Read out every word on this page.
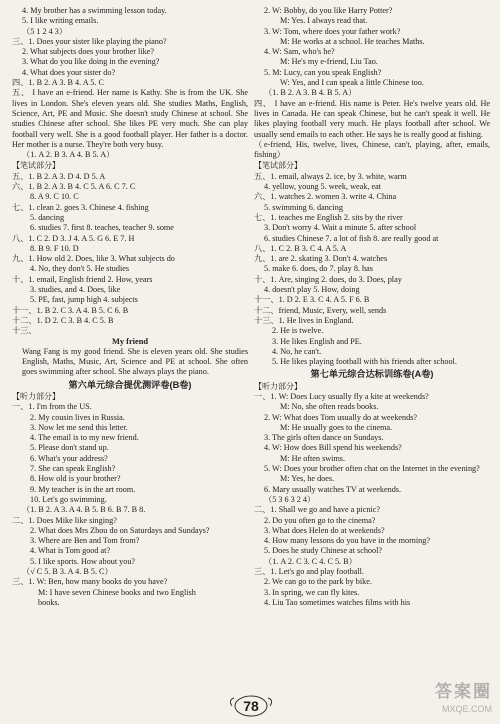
4. My brother has a swimming lesson today.
5. I like writing emails.
（5 1 2 4 3）
三、1. Does your sister like playing the piano?
2. What subjects does your brother like?
3. What do you like doing in the evening?
4. What does your sister do?
四、1. B 2. A 3. B 4. A 5. C
五、 I have an e-friend. Her name is Kathy. She is from the UK. She lives in London. She's eleven years old. She studies Maths, English, Science, Art, PE and Music. She doesn't study Chinese at school. She studies Chinese after school. She likes PE very much. She can play football very well. She is a good football player. Her father is a doctor. Her mother is a nurse. They're both very busy.
（1. A 2. B 3. A 4. B 5. A）
【笔试部分】
五、1. B 2. A 3. D 4. D 5. A
六、1. B 2. A 3. B 4. C 5. A 6. C 7. C
8. A 9. C 10. C
七、1. clean 2. goes 3. Chinese 4. fishing
5. dancing
6. studies 7. first 8. teaches, teacher 9. some
八、1. C 2. D 3. J 4. A 5. G 6. E 7. H
8. B 9. F 10. D
九、1. How old 2. Does, like 3. What subjects do
4. No, they don't 5. He studies
十、1. email, English friend 2. How, years
3. studies, and 4. Does, like
5. PE, fast, jump high 4. subjects
十一、1. B 2. C 3. A 4. B 5. C 6. B
十二、1. D 2. C 3. B 4. C 5. B
十三、
My friend
Wang Fang is my good friend. She is eleven years old. She studies English, Maths, Music, Art, Science and PE at school. She often goes swimming after school. She always plays the piano.
第六单元综合提优测评卷(B卷)
【听力部分】
一、1. I'm from the US.
2. My cousin lives in Russia.
3. Now let me send this letter.
4. The email is to my new friend.
5. Please don't stand up.
6. What's your address?
7. She can speak English?
8. How old is your brother?
9. My teacher is in the art room.
10. Let's go swimming.
（1. B 2. A 3. A 4. B 5. B 6. B 7. B 8.
二、1. Does Mike like singing?
2. What does Mrs Zhou do on Saturdays and Sundays?
3. Where are Ben and Tom from?
4. What is Tom good at?
5. I like sports. How about you?
（√ C 5. B 3. A 4. B 5. C）
三、1. W: Ben, how many books do you have?
M: I have seven Chinese books and two English
books.
2. W: Bobby, do you like Harry Potter?
M: Yes. I always read that.
3. W: Tom, where does your father work?
M: He works at a school. He teaches Maths.
4. W: Sam, who's he?
M: He's my e-friend, Liu Tao.
5. M: Lucy, can you speak English?
W: Yes, and I can speak a little Chinese too.
（1. B 2. A 3. B 4. B 5. A）
四、 I have an e-friend. His name is Peter. He's twelve years old. He lives in Canada. He can speak Chinese, but he can't speak it well. He likes playing football very much. He plays football after school. We usually send emails to each other. He says he is really good at fishing.
（e-friend, His, twelve, lives, Chinese, can't, playing, after, emails, fishing）
【笔试部分】
五、1. email, always 2. ice, by 3. white, warm
4. yellow, young 5. week, weak, eat
六、1. watches 2. women 3. write 4. China
5. swimming 6. dancing
七、1. teaches me English 2. sits by the river
3. Don't worry 4. Wait a minute 5. after school
6. studies Chinese 7. a lot of fish 8. are really good at
八、1. C 2. B 3. C 4. A 5. A
九、1. are 2. skating 3. Don't 4. watches
5. make 6. does, do 7. play 8. has
十、1. Are, singing 2. does, do 3. Does, play
4. doesn't play 5. How, doing
十一、1. D 2. E 3. C 4. A 5. F 6. B
十二、friend, Music, Every, well, sends
十三、1. He lives in England.
2. He is twelve.
3. He likes English and PE.
4. No, he can't.
5. He likes playing football with his friends after school.
第七单元综合达标训练卷(A卷)
【听力部分】
一、1. W: Does Lucy usually fly a kite at weekends?
M: No, she often reads books.
2. W: What does Tom usually do at weekends?
M: He usually goes to the cinema.
3. The girls often dance on Sundays.
4. W: How does Bill spend his weekends?
M: He often swims.
5. W: Does your brother often chat on the Internet in the evening?
M: Yes, he does.
6. Mary usually watches TV at weekends.
（5 3 6 3 2 4）
二、1. Shall we go and have a picnic?
2. Do you often go to the cinema?
3. What does Helen do at weekends?
4. How many lessons do you have in the morning?
5. Does he study Chinese at school?
（1. A 2. C 3. C 4. C 5. B）
三、1. Let's go and play football.
2. We can go to the park by bike.
3. In spring, we can fly kites.
4. Liu Tao sometimes watches films with his
78
答案圈
MXQE.COM
